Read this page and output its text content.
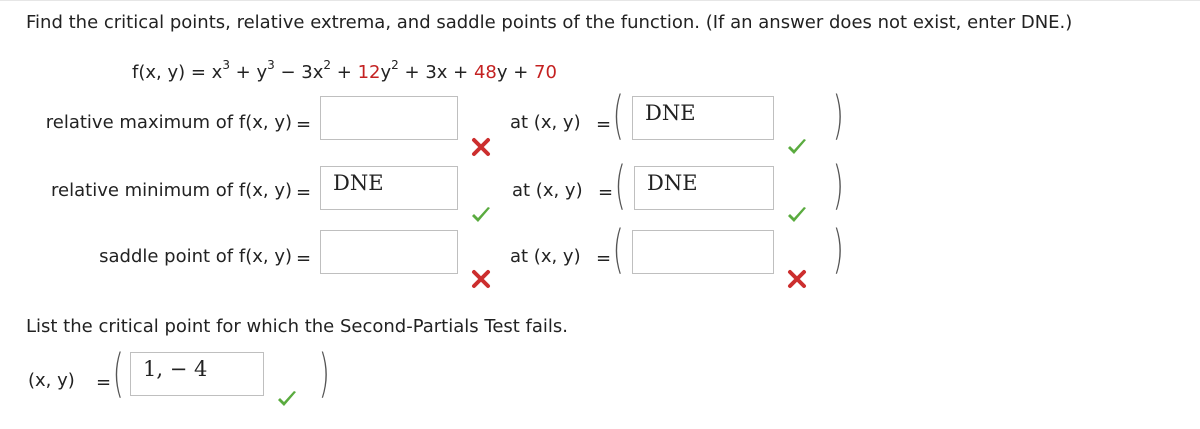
Find the critical points, relative extrema, and saddle points of the function. (If an answer does not exist, enter DNE.)
f(x, $y) = x^3 + y^3 - 3x^2 + 12y^2 + 3x + 48y + 70$
relative maximum of f(x, y) =	at (x, y) = (	DNE	)
relative minimum of f(x, y) =	DNE	at (x, y) = (	DNE	)
saddle point of f(x, y) =	at (x, y) = (	)
List the critical point for which the Second-Partials Test fails.
(x, y) = ( 1, − 4	)
